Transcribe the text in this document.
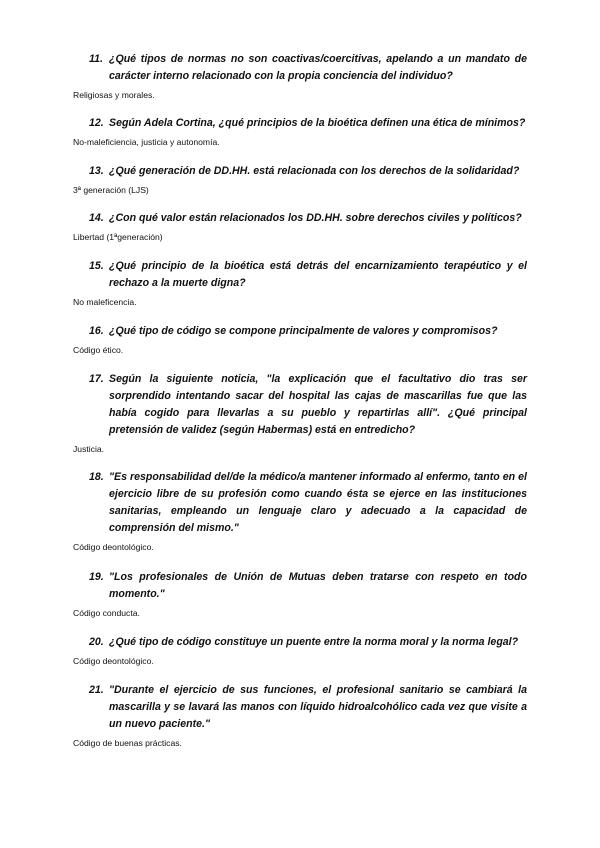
11. ¿Qué tipos de normas no son coactivas/coercitivas, apelando a un mandato de carácter interno relacionado con la propia conciencia del individuo?
Religiosas y morales.
12. Según Adela Cortina, ¿qué principios de la bioética definen una ética de mínimos?
No-maleficiencia, justicia y autonomía.
13. ¿Qué generación de DD.HH. está relacionada con los derechos de la solidaridad?
3ª generación (LJS)
14. ¿Con qué valor están relacionados los DD.HH. sobre derechos civiles y políticos?
Libertad (1ªgeneración)
15. ¿Qué principio de la bioética está detrás del encarnizamiento terapéutico y el rechazo a la muerte digna?
No maleficencia.
16. ¿Qué tipo de código se compone principalmente de valores y compromisos?
Código ético.
17. Según la siguiente noticia, "la explicación que el facultativo dio tras ser sorprendido intentando sacar del hospital las cajas de mascarillas fue que las había cogido para llevarlas a su pueblo y repartirlas allí". ¿Qué principal pretensión de validez (según Habermas) está en entredicho?
Justicia.
18. "Es responsabilidad del/de la médico/a mantener informado al enfermo, tanto en el ejercicio libre de su profesión como cuando ésta se ejerce en las instituciones sanitarias, empleando un lenguaje claro y adecuado a la capacidad de comprensión del mismo."
Código deontológico.
19. "Los profesionales de Unión de Mutuas deben tratarse con respeto en todo momento."
Código conducta.
20. ¿Qué tipo de código constituye un puente entre la norma moral y la norma legal?
Código deontológico.
21. "Durante el ejercicio de sus funciones, el profesional sanitario se cambiará la mascarilla y se lavará las manos con líquido hidroalcohólico cada vez que visite a un nuevo paciente."
Código de buenas prácticas.
